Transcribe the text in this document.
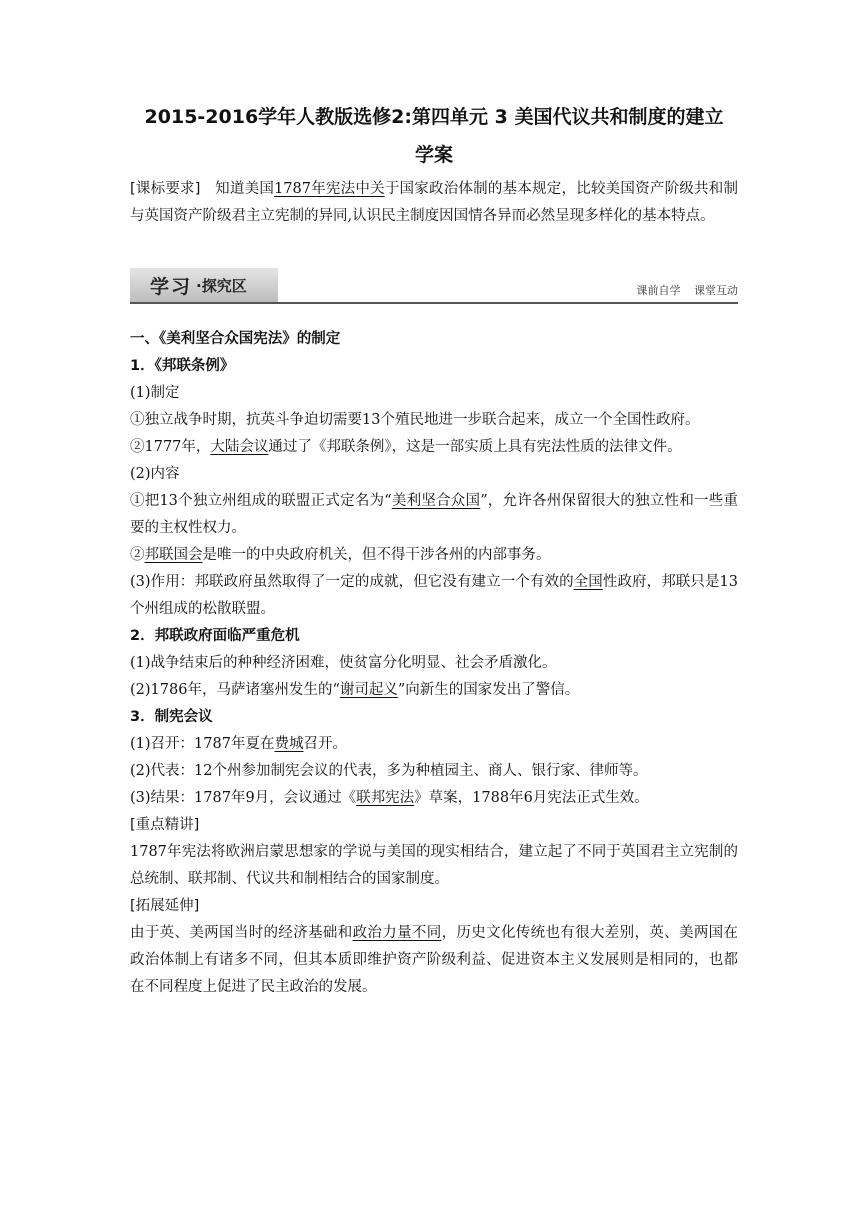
2015-2016学年人教版选修2:第四单元 3 美国代议共和制度的建立

学案

[课标要求] 知道美国1787年宪法中关于国家政治体制的基本规定，比较美国资产阶级共和制与英国资产阶级君主立宪制的异同,认识民主制度因国情各异而必然呈现多样化的基本特点。

学习 ·探究区	课前自学 课堂互动

一、《美利坚合众国宪法》的制定

1．《邦联条例》

(1)制定

①独立战争时期，抗英斗争迫切需要13个殖民地进一步联合起来，成立一个全国性政府。

②1777年，大陆会议通过了《邦联条例》，这是一部实质上具有宪法性质的法律文件。

(2)内容

①把13个独立州组成的联盟正式定名为“美利坚合众国”，允许各州保留很大的独立性和一些重要的主权性权力。

②邦联国会是唯一的中央政府机关，但不得干涉各州的内部事务。

(3)作用：邦联政府虽然取得了一定的成就，但它没有建立一个有效的全国性政府，邦联只是13个州组成的松散联盟。

2．邦联政府面临严重危机

(1)战争结束后的种种经济困难，使贫富分化明显、社会矛盾激化。

(2)1786年，马萨诸塞州发生的“谢司起义”向新生的国家发出了警信。

3．制宪会议

(1)召开：1787年夏在费城召开。

(2)代表：12个州参加制宪会议的代表，多为种植园主、商人、银行家、律师等。

(3)结果：1787年9月，会议通过《联邦宪法》草案，1788年6月宪法正式生效。

[重点精讲]

1787年宪法将欧洲启蒙思想家的学说与美国的现实相结合，建立起了不同于英国君主立宪制的总统制、联邦制、代议共和制相结合的国家制度。

[拓展延伸]

由于英、美两国当时的经济基础和政治力量不同，历史文化传统也有很大差别，英、美两国在政治体制上有诸多不同，但其本质即维护资产阶级利益、促进资本主义发展则是相同的，也都在不同程度上促进了民主政治的发展。
